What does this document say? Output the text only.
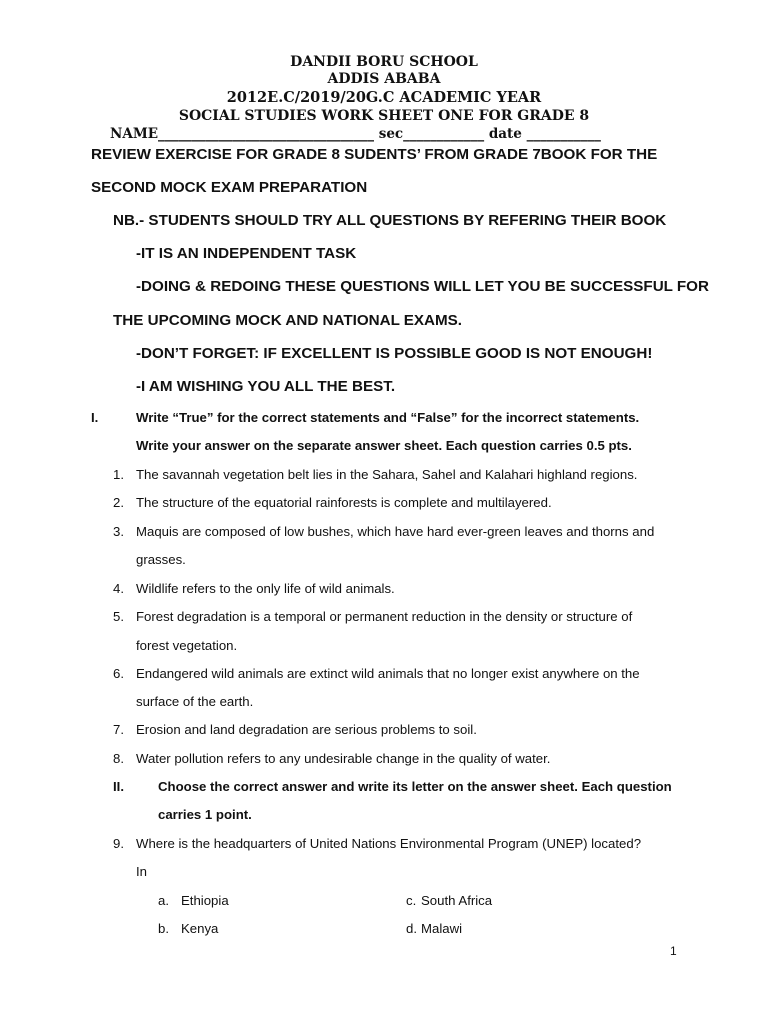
DANDII BORU SCHOOL
ADDIS ABABA
2012E.C/2019/20G.C ACADEMIC YEAR
SOCIAL STUDIES WORK SHEET ONE FOR GRADE 8
NAME________________________________ sec____________ date ___________
REVIEW EXERCISE FOR GRADE 8 SUDENTS’ FROM GRADE 7BOOK FOR THE
SECOND MOCK EXAM PREPARATION
NB.- STUDENTS SHOULD TRY ALL QUESTIONS BY REFERING THEIR BOOK
-IT IS AN INDEPENDENT TASK
-DOING & REDOING THESE QUESTIONS WILL LET YOU BE SUCCESSFUL FOR
THE UPCOMING MOCK AND NATIONAL EXAMS.
-DON’T FORGET: IF EXCELLENT IS POSSIBLE GOOD IS NOT ENOUGH!
-I AM WISHING YOU ALL THE BEST.
I.	Write “True” for the correct statements and “False” for the incorrect statements.
Write your answer on the separate answer sheet. Each question carries 0.5 pts.
1. The savannah vegetation belt lies in the Sahara, Sahel and Kalahari highland regions.
2. The structure of the equatorial rainforests is complete and multilayered.
3. Maquis are composed of low bushes, which have hard ever-green leaves and thorns and
grasses.
4. Wildlife refers to the only life of wild animals.
5. Forest degradation is a temporal or permanent reduction in the density or structure of
forest vegetation.
6. Endangered wild animals are extinct wild animals that no longer exist anywhere on the
surface of the earth.
7. Erosion and land degradation are serious problems to soil.
8. Water pollution refers to any undesirable change in the quality of water.
II.	Choose the correct answer and write its letter on the answer sheet. Each question
carries 1 point.
9. Where is the headquarters of United Nations Environmental Program (UNEP) located?
In
a. Ethiopia
b. Kenya
c. South Africa
d. Malawi
1
